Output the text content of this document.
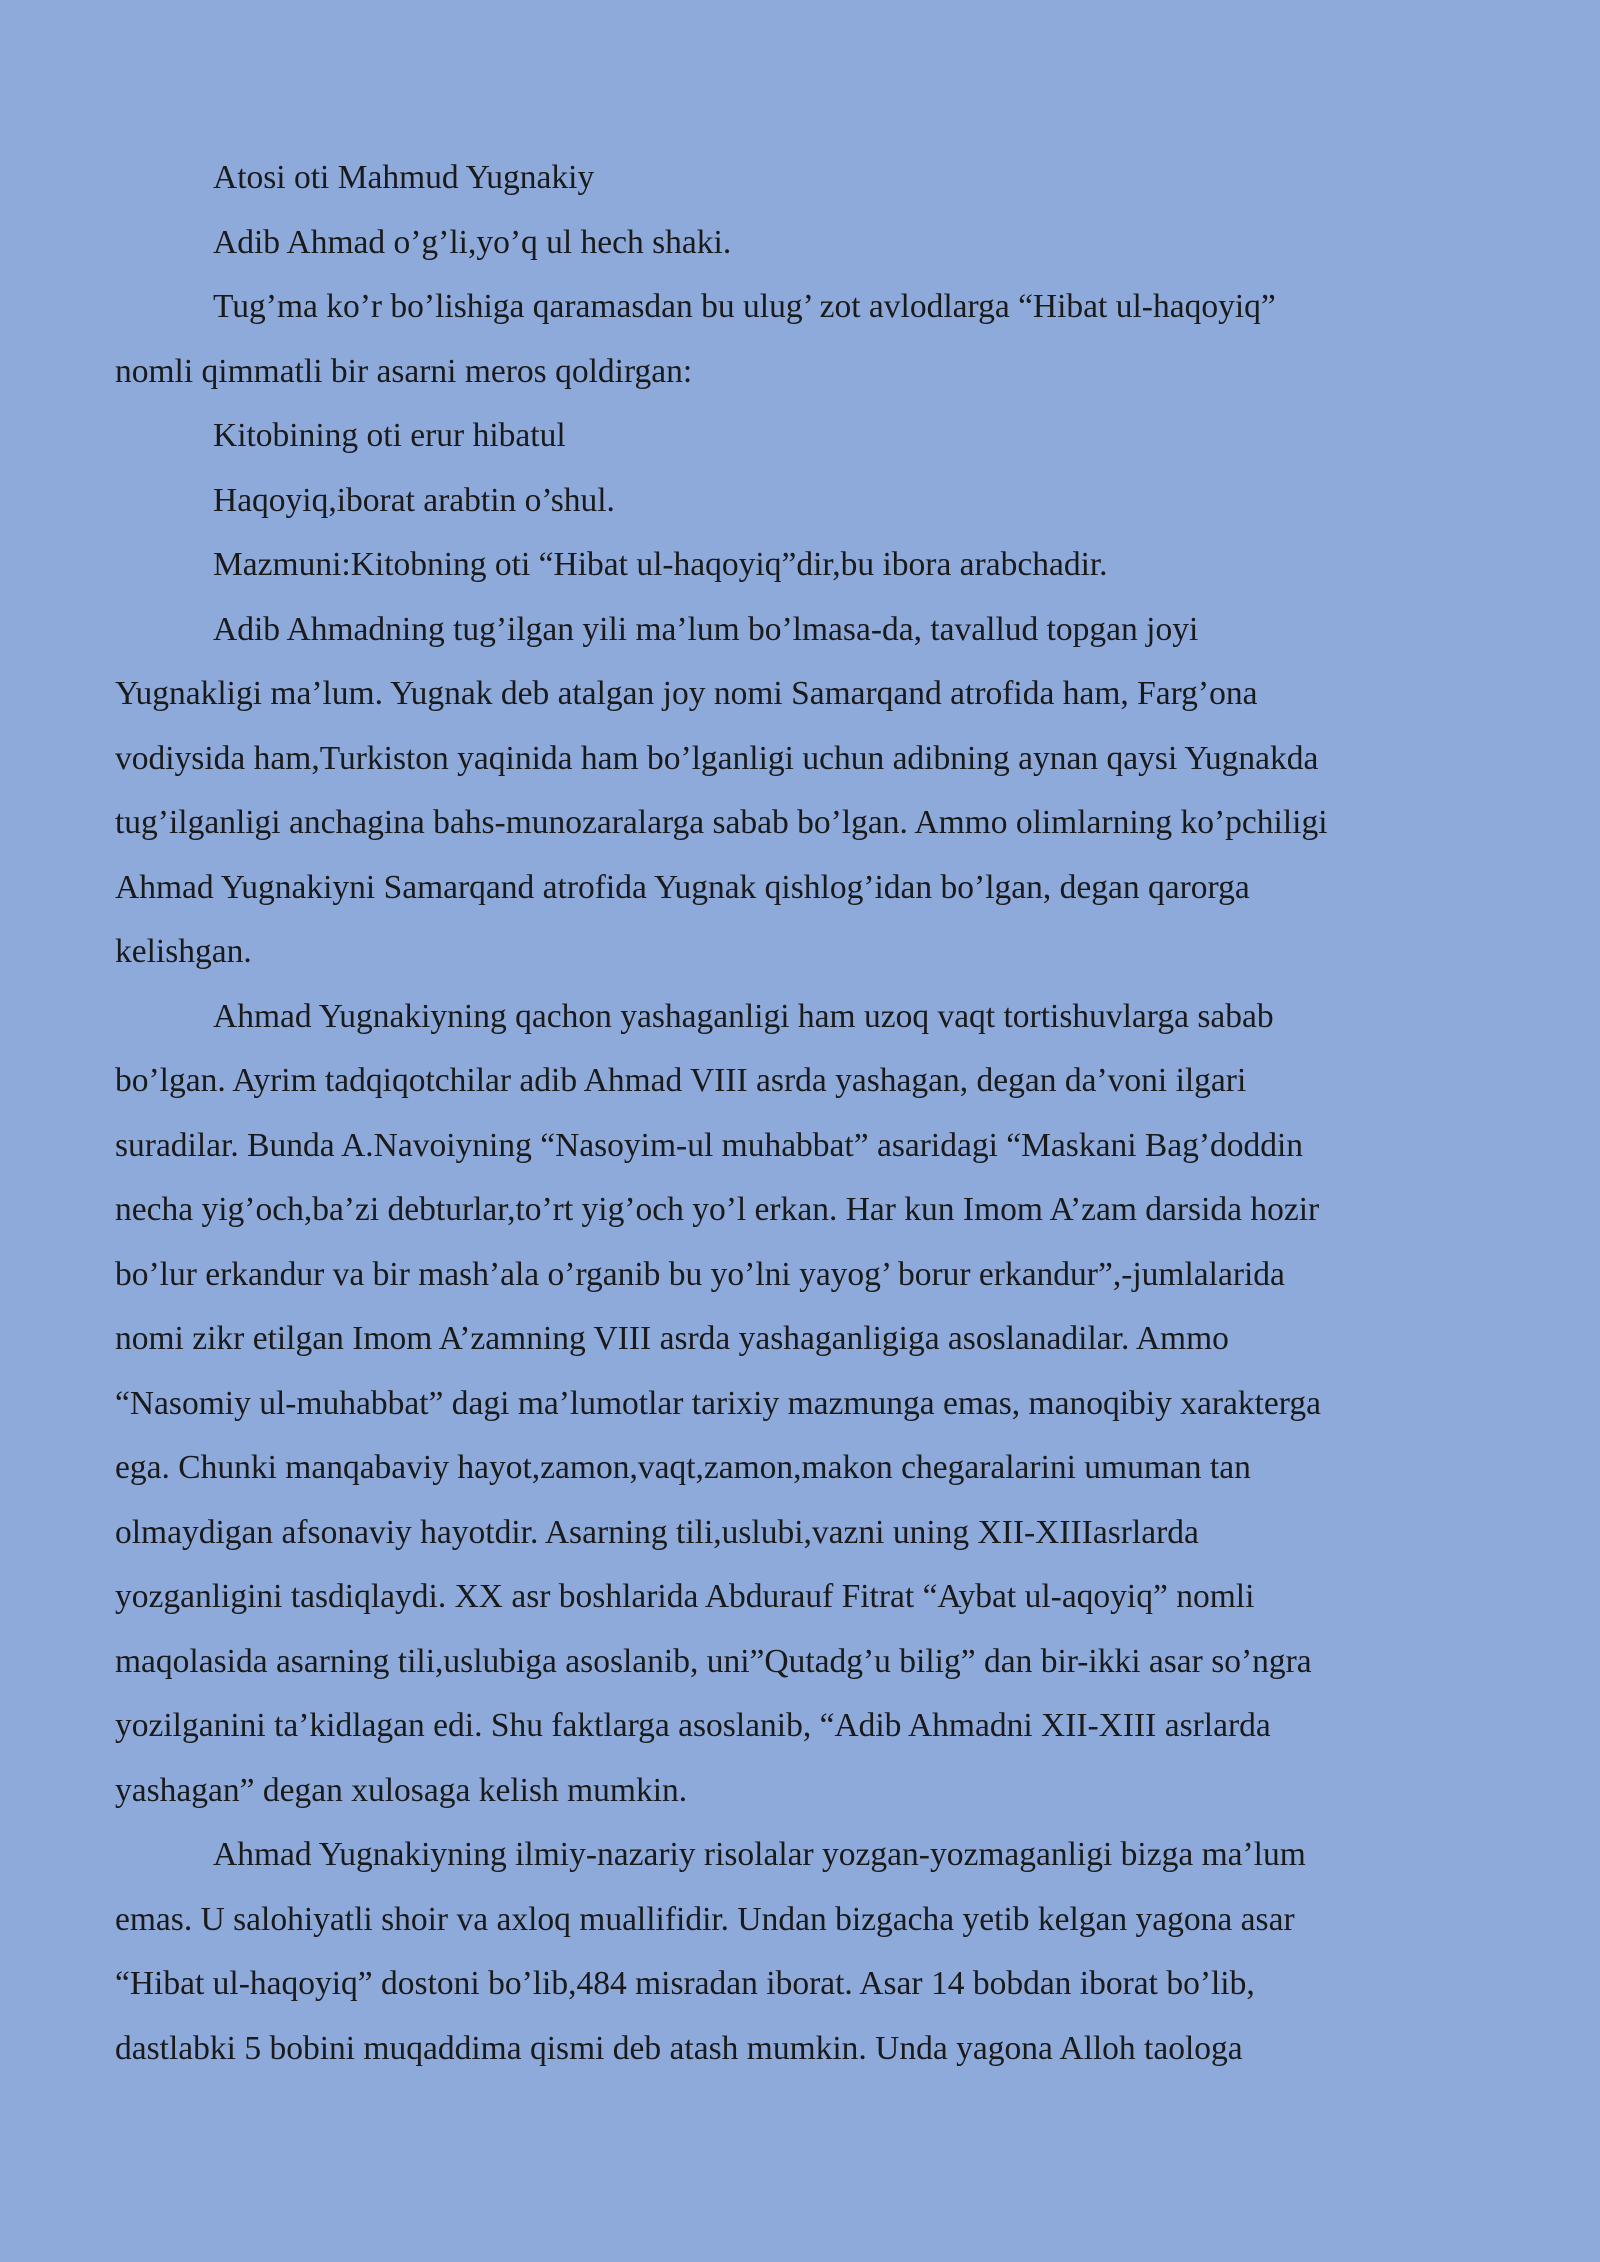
Atosi oti Mahmud Yugnakiy

Adib Ahmad o’g’li,yo’q ul hech shaki.

Tug’ma ko’r bo’lishiga qaramasdan bu ulug’ zot avlodlarga “Hibat ul-haqoyiq”
nomli qimmatli bir asarni meros qoldirgan:

Kitobining oti erur hibatul

Haqoyiq,iborat arabtin o’shul.

Mazmuni:Kitobning oti “Hibat ul-haqoyiq”dir,bu ibora arabchadir.

Adib Ahmadning tug’ilgan yili ma’lum bo’lmasa-da, tavallud topgan joyi
Yugnakligi ma’lum. Yugnak deb atalgan joy nomi Samarqand atrofida ham, Farg’ona
vodiysida ham,Turkiston yaqinida ham bo’lganligi uchun adibning aynan qaysi Yugnakda
tug’ilganligi anchagina bahs-munozaralarga sabab bo’lgan. Ammo olimlarning ko’pchiligi
Ahmad Yugnakiyni Samarqand atrofida Yugnak qishlog’idan bo’lgan, degan qarorga
kelishgan.

Ahmad Yugnakiyning qachon yashaganligi ham uzoq vaqt tortishuvlarga sabab
bo’lgan. Ayrim tadqiqotchilar adib Ahmad VIII asrda yashagan, degan da’voni ilgari
suradilar. Bunda A.Navoiyning “Nasoyim-ul muhabbat” asaridagi “Maskani Bag’doddin
necha yig’och,ba’zi debturlar,to’rt yig’och yo’l erkan. Har kun Imom A’zam darsida hozir
bo’lur erkandur va bir mash’ala o’rganib bu yo’lni yayog’ borur erkandur”,-jumlalarida
nomi zikr etilgan Imom A’zamning VIII asrda yashaganligiga asoslanadilar. Ammo
“Nasomiy ul-muhabbat” dagi ma’lumotlar tarixiy mazmunga emas, manoqibiy xarakterga
ega. Chunki manqabaviy hayot,zamon,vaqt,zamon,makon chegaralarini umuman tan
olmaydigan afsonaviy hayotdir. Asarning tili,uslubi,vazni uning XII-XIIIasrlarda
yozganligini tasdiqlaydi. XX asr boshlarida Abdurauf Fitrat “Aybat ul-aqoyiq” nomli
maqolasida asarning tili,uslubiga asoslanib, uni”Qutadg’u bilig” dan bir-ikki asar so’ngra
yozilganini ta’kidlagan edi. Shu faktlarga asoslanib, “Adib Ahmadni XII-XIII asrlarda
yashagan” degan xulosaga kelish mumkin.

Ahmad Yugnakiyning ilmiy-nazariy risolalar yozgan-yozmaganligi bizga ma’lum
emas. U salohiyatli shoir va axloq muallifidir. Undan bizgacha yetib kelgan yagona asar
“Hibat ul-haqoyiq” dostoni bo’lib,484 misradan iborat. Asar 14 bobdan iborat bo’lib,
dastlabki 5 bobini muqaddima qismi deb atash mumkin. Unda yagona Alloh taologa
